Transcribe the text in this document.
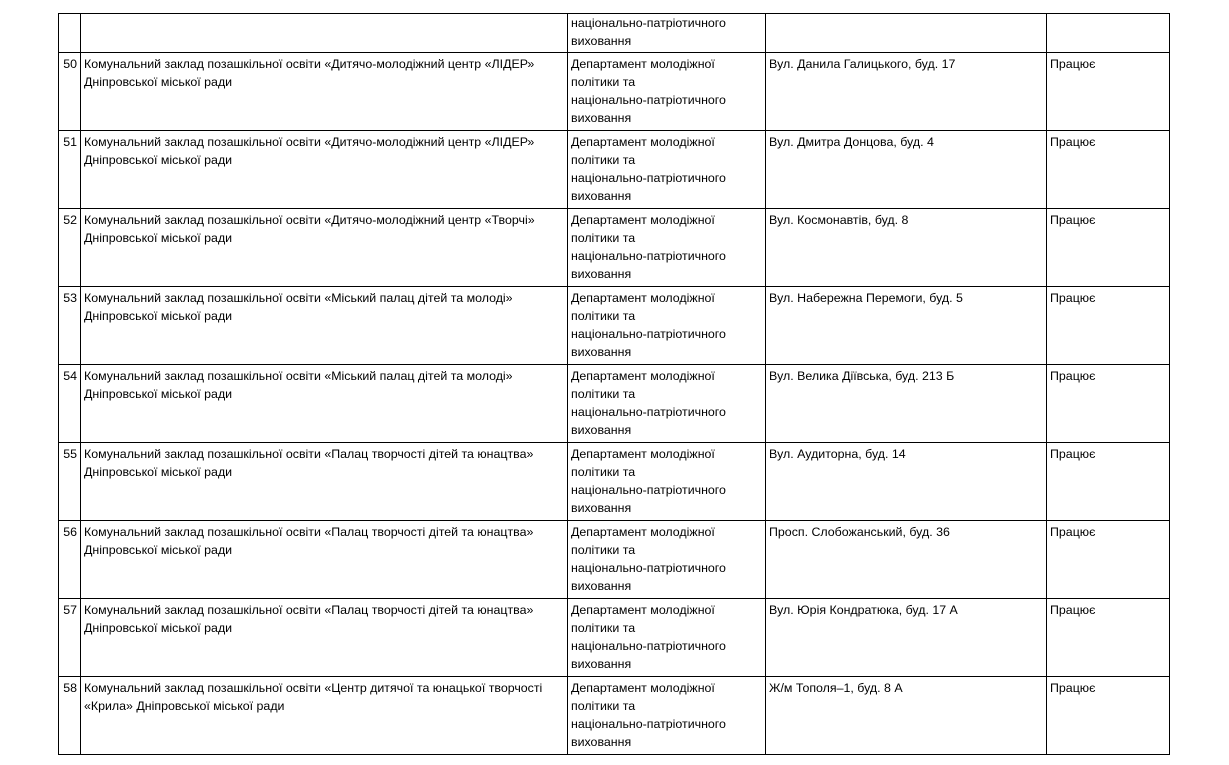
		національно-патріотичного
виховання		
50	Комунальний заклад позашкільної освіти «Дитячо-молодіжний центр «ЛІДЕР» Дніпровської міської ради	Департамент молодіжної
політики та
національно-патріотичного
виховання	Вул. Данила Галицького, буд. 17	Працює
51	Комунальний заклад позашкільної освіти «Дитячо-молодіжний центр «ЛІДЕР» Дніпровської міської ради	Департамент молодіжної
політики та
національно-патріотичного
виховання	Вул. Дмитра Донцова, буд. 4	Працює
52	Комунальний заклад позашкільної освіти «Дитячо-молодіжний центр «Творчі» Дніпровської міської ради	Департамент молодіжної
політики та
національно-патріотичного
виховання	Вул. Космонавтів, буд. 8	Працює
53	Комунальний заклад позашкільної освіти «Міський палац дітей та молоді» Дніпровської міської ради	Департамент молодіжної
політики та
національно-патріотичного
виховання	Вул. Набережна Перемоги, буд. 5	Працює
54	Комунальний заклад позашкільної освіти «Міський палац дітей та молоді» Дніпровської міської ради	Департамент молодіжної
політики та
національно-патріотичного
виховання	Вул. Велика Діївська, буд. 213 Б	Працює
55	Комунальний заклад позашкільної освіти «Палац творчості дітей та юнацтва» Дніпровської міської ради	Департамент молодіжної
політики та
національно-патріотичного
виховання	Вул. Аудиторна, буд. 14	Працює
56	Комунальний заклад позашкільної освіти «Палац творчості дітей та юнацтва» Дніпровської міської ради	Департамент молодіжної
політики та
національно-патріотичного
виховання	Просп. Слобожанський, буд. 36	Працює
57	Комунальний заклад позашкільної освіти «Палац творчості дітей та юнацтва» Дніпровської міської ради	Департамент молодіжної
політики та
національно-патріотичного
виховання	Вул. Юрія Кондратюка, буд. 17 А	Працює
58	Комунальний заклад позашкільної освіти «Центр дитячої та юнацької творчості «Крила» Дніпровської міської ради	Департамент молодіжної
політики та
національно-патріотичного
виховання	Ж/м Тополя–1, буд. 8 А	Працює
